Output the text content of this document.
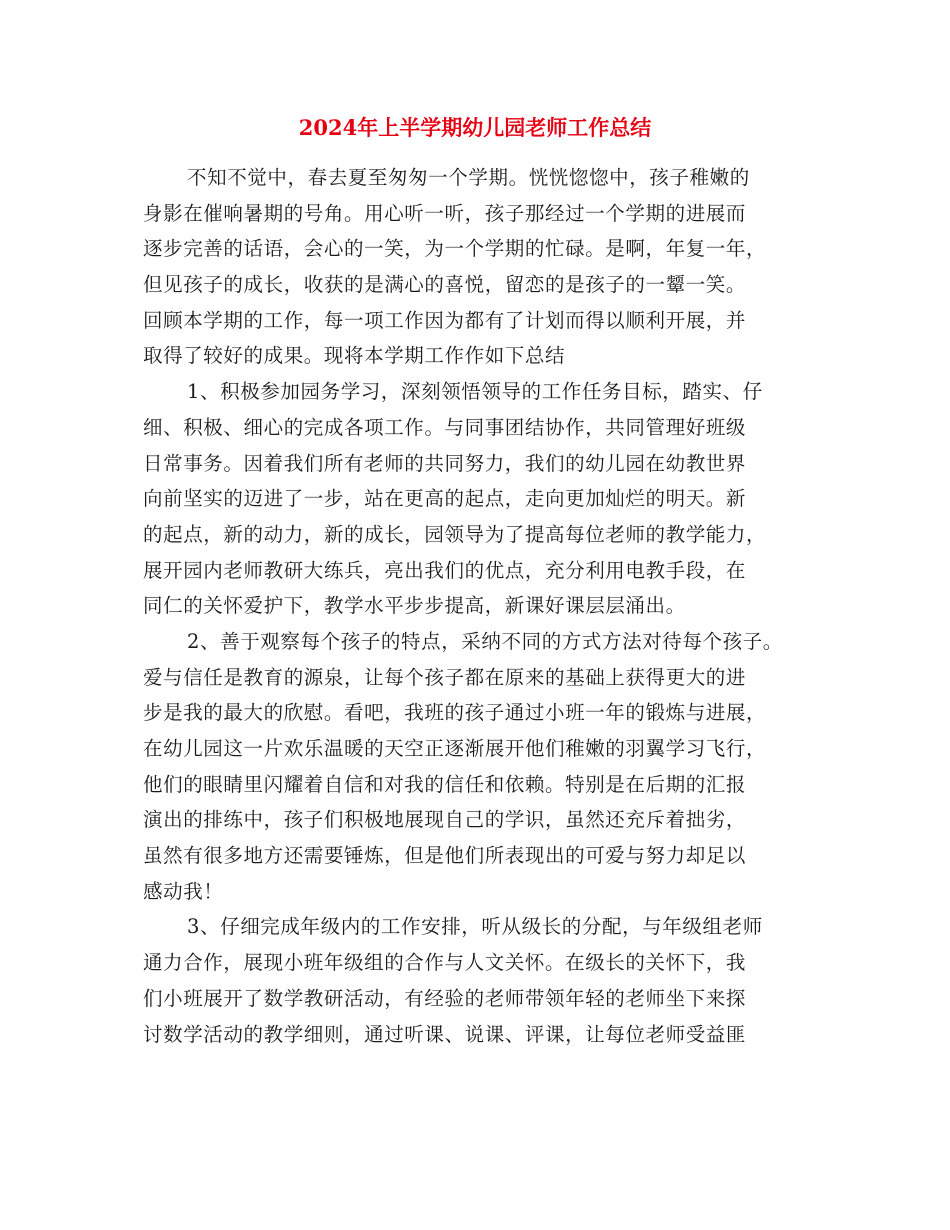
2024年上半学期幼儿园老师工作总结
不知不觉中，春去夏至匆匆一个学期。恍恍惚惚中，孩子稚嫩的
身影在催响暑期的号角。用心听一听，孩子那经过一个学期的进展而
逐步完善的话语，会心的一笑，为一个学期的忙碌。是啊，年复一年，
但见孩子的成长，收获的是满心的喜悦，留恋的是孩子的一颦一笑。
回顾本学期的工作，每一项工作因为都有了计划而得以顺利开展，并
取得了较好的成果。现将本学期工作作如下总结
1、积极参加园务学习，深刻领悟领导的工作任务目标，踏实、仔
细、积极、细心的完成各项工作。与同事团结协作，共同管理好班级
日常事务。因着我们所有老师的共同努力，我们的幼儿园在幼教世界
向前坚实的迈进了一步，站在更高的起点，走向更加灿烂的明天。新
的起点，新的动力，新的成长，园领导为了提高每位老师的教学能力，
展开园内老师教研大练兵，亮出我们的优点，充分利用电教手段，在
同仁的关怀爱护下，教学水平步步提高，新课好课层层涌出。
2、善于观察每个孩子的特点，采纳不同的方式方法对待每个孩子。
爱与信任是教育的源泉，让每个孩子都在原来的基础上获得更大的进
步是我的最大的欣慰。看吧，我班的孩子通过小班一年的锻炼与进展，
在幼儿园这一片欢乐温暖的天空正逐渐展开他们稚嫩的羽翼学习飞行，
他们的眼睛里闪耀着自信和对我的信任和依赖。特别是在后期的汇报
演出的排练中，孩子们积极地展现自己的学识，虽然还充斥着拙劣，
虽然有很多地方还需要锤炼，但是他们所表现出的可爱与努力却足以
感动我！
3、仔细完成年级内的工作安排，听从级长的分配，与年级组老师
通力合作，展现小班年级组的合作与人文关怀。在级长的关怀下，我
们小班展开了数学教研活动，有经验的老师带领年轻的老师坐下来探
讨数学活动的教学细则，通过听课、说课、评课，让每位老师受益匪
